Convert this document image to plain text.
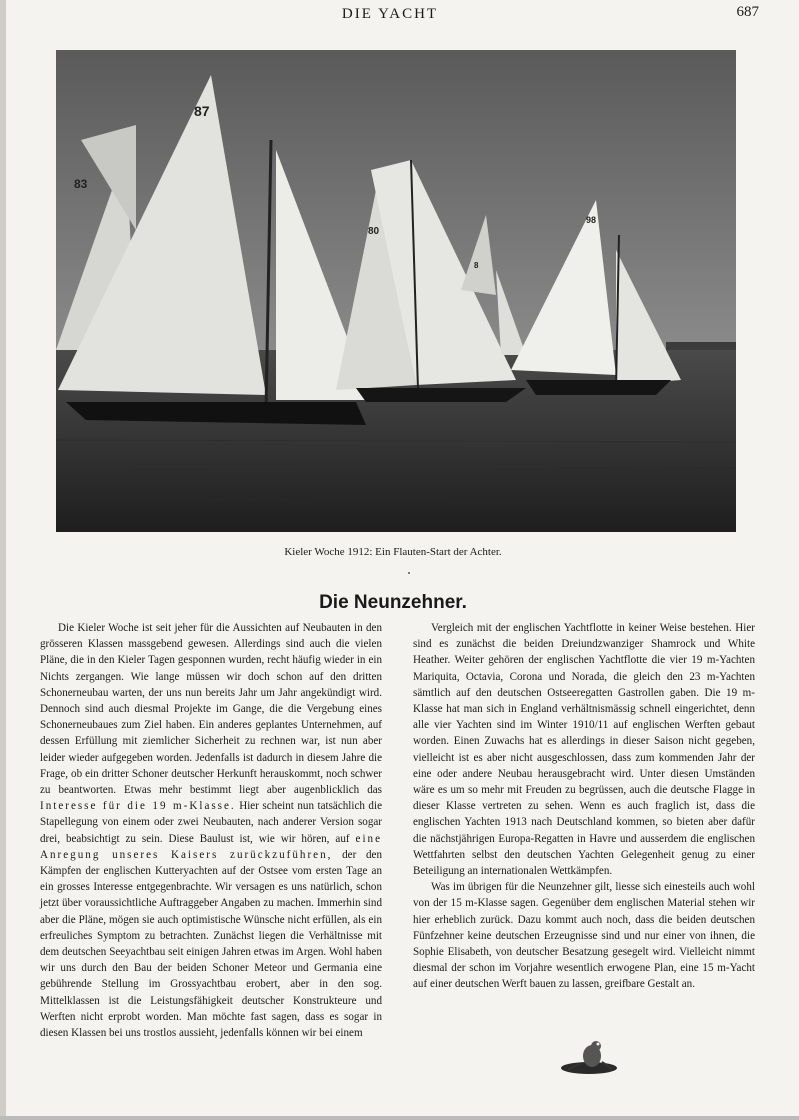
DIE YACHT	687
83
87
80
8
98
Kieler Woche 1912: Ein Flauten-Start der Achter.
Die Neunzehner.

Die Kieler Woche ist seit jeher für die Aussichten auf Neubauten in den grösseren Klassen massgebend gewesen. Allerdings sind auch die vielen Pläne, die in den Kieler Tagen gesponnen wurden, recht häufig wieder in ein Nichts zergangen. Wie lange müssen wir doch schon auf den dritten Schonerneubau warten, der uns nun bereits Jahr um Jahr angekündigt wird. Dennoch sind auch diesmal Projekte im Gange, die die Vergebung eines Schonerneubaues zum Ziel haben. Ein anderes geplantes Unternehmen, auf dessen Erfüllung mit ziemlicher Sicherheit zu rechnen war, ist nun aber leider wieder aufgegeben worden. Jedenfalls ist dadurch in diesem Jahre die Frage, ob ein dritter Schoner deutscher Herkunft herauskommt, noch schwer zu beantworten. Etwas mehr bestimmt liegt aber augenblicklich das Interesse für die 19 m-Klasse. Hier scheint nun tatsächlich die Stapellegung von einem oder zwei Neubauten, nach anderer Version sogar drei, beabsichtigt zu sein. Diese Baulust ist, wie wir hören, auf eine Anregung unseres Kaisers zurückzuführen, der den Kämpfen der englischen Kutteryachten auf der Ostsee vom ersten Tage an ein grosses Interesse entgegenbrachte. Wir versagen es uns natürlich, schon jetzt über voraussichtliche Auftraggeber Angaben zu machen. Immerhin sind aber die Pläne, mögen sie auch optimistische Wünsche nicht erfüllen, als ein erfreuliches Symptom zu betrachten. Zunächst liegen die Verhältnisse mit dem deutschen Seeyachtbau seit einigen Jahren etwas im Argen. Wohl haben wir uns durch den Bau der beiden Schoner Meteor und Germania eine gebührende Stellung im Grossyachtbau erobert, aber in den sog. Mittelklassen ist die Leistungsfähigkeit deutscher Konstrukteure und Werften nicht erprobt worden. Man möchte fast sagen, dass es sogar in diesen Klassen bei uns trostlos aussieht, jedenfalls können wir bei einem

Vergleich mit der englischen Yachtflotte in keiner Weise bestehen. Hier sind es zunächst die beiden Dreiundzwanziger Shamrock und White Heather. Weiter gehören der englischen Yachtflotte die vier 19 m-Yachten Mariquita, Octavia, Corona und Norada, die gleich den 23 m-Yachten sämtlich auf den deutschen Ostseeregatten Gastrollen gaben. Die 19 m-Klasse hat man sich in England verhältnismässig schnell eingerichtet, denn alle vier Yachten sind im Winter 1910/11 auf englischen Werften gebaut worden. Einen Zuwachs hat es allerdings in dieser Saison nicht gegeben, vielleicht ist es aber nicht ausgeschlossen, dass zum kommenden Jahr der eine oder andere Neubau herausgebracht wird. Unter diesen Umständen wäre es um so mehr mit Freuden zu begrüssen, auch die deutsche Flagge in dieser Klasse vertreten zu sehen. Wenn es auch fraglich ist, dass die englischen Yachten 1913 nach Deutschland kommen, so bieten aber dafür die nächstjährigen Europa-Regatten in Havre und ausserdem die englischen Wettfahrten selbst den deutschen Yachten Gelegenheit genug zu einer Beteiligung an internationalen Wettkämpfen.

Was im übrigen für die Neunzehner gilt, liesse sich einesteils auch wohl von der 15 m-Klasse sagen. Gegenüber dem englischen Material stehen wir hier erheblich zurück. Dazu kommt auch noch, dass die beiden deutschen Fünfzehner keine deutschen Erzeugnisse sind und nur einer von ihnen, die Sophie Elisabeth, von deutscher Besatzung gesegelt wird. Vielleicht nimmt diesmal der schon im Vorjahre wesentlich erwogene Plan, eine 15 m-Yacht auf einer deutschen Werft bauen zu lassen, greifbare Gestalt an.
